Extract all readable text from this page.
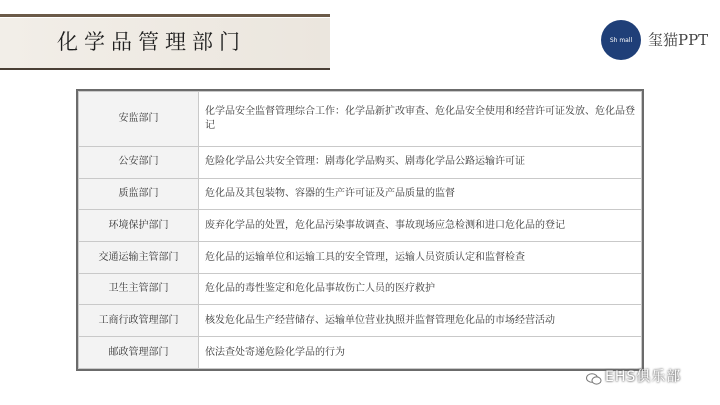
化学品管理部门	Sh mall 玺猫PPT
安监部门	化学品安全监督管理综合工作：化学品新扩改审查、危化品安全使用和经营许可证发放、危化品登记
公安部门	危险化学品公共安全管理：剧毒化学品购买、剧毒化学品公路运输许可证
质监部门	危化品及其包装物、容器的生产许可证及产品质量的监督
环境保护部门	废弃化学品的处置，危化品污染事故调查、事故现场应急检测和进口危化品的登记
交通运输主管部门	危化品的运输单位和运输工具的安全管理，运输人员资质认定和监督检查
卫生主管部门	危化品的毒性鉴定和危化品事故伤亡人员的医疗救护
工商行政管理部门	核发危化品生产经营储存、运输单位营业执照并监督管理危化品的市场经营活动
邮政管理部门	依法查处寄递危险化学品的行为
EHS俱乐部
